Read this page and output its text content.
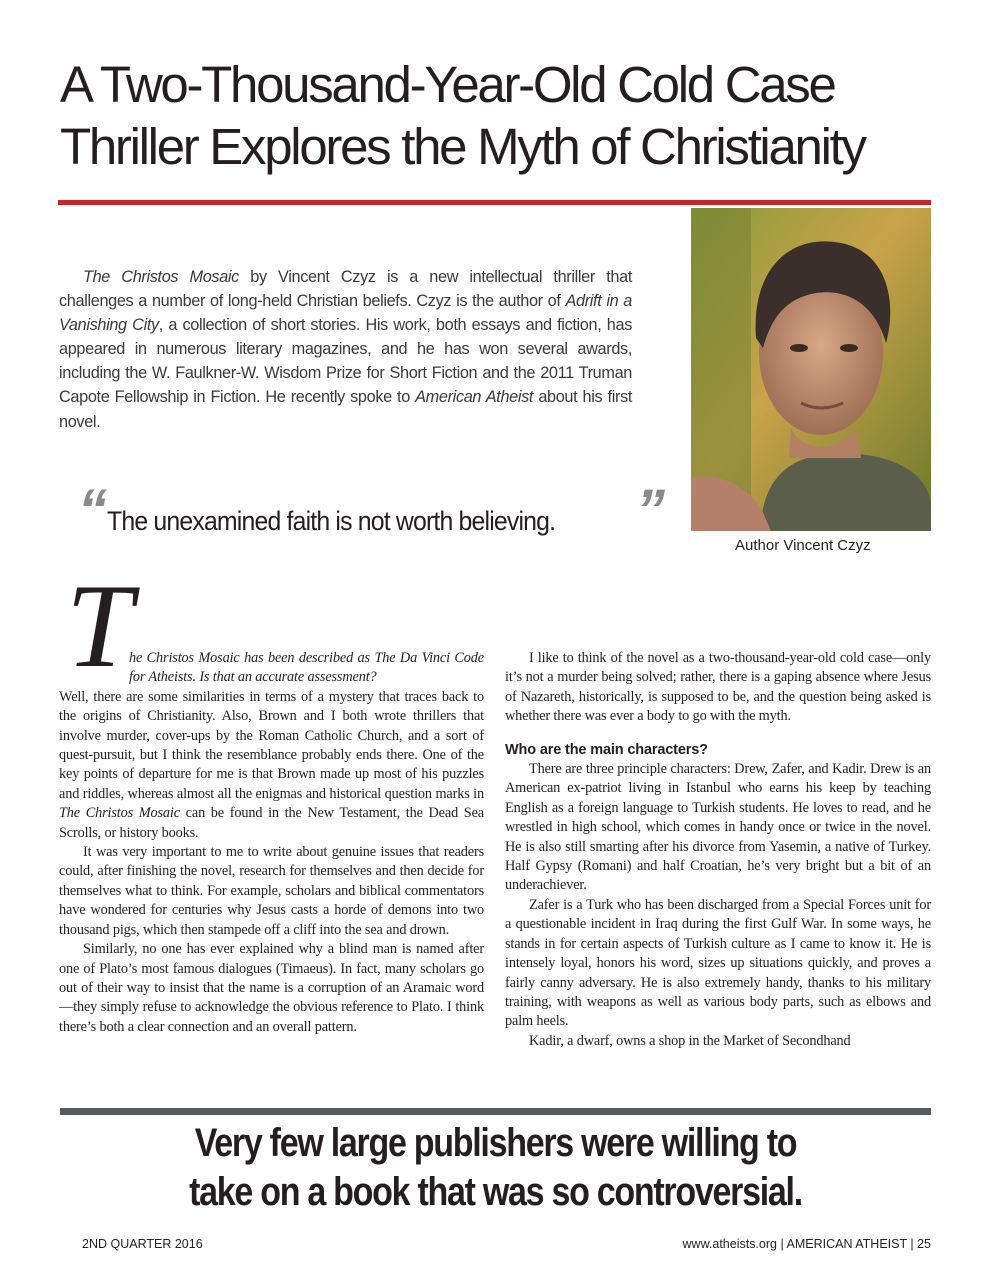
A Two-Thousand-Year-Old Cold Case
Thriller Explores the Myth of Christianity
Author Vincent Czyz

The Christos Mosaic by Vincent Czyz is a new intellectual thriller that challenges a number of long-held Christian beliefs. Czyz is the author of Adrift in a Vanishing City, a collection of short stories. His work, both essays and fiction, has appeared in numerous literary magazines, and he has won several awards, including the W. Faulkner-W. Wisdom Prize for Short Fiction and the 2011 Truman Capote Fellowship in Fiction. He recently spoke to American Atheist about his first novel.

“The unexamined faith is not worth believing. ”
T

he Christos Mosaic has been described as The Da Vinci Code for Atheists. Is that an accurate assessment?

Well, there are some similarities in terms of a mystery that traces back to the origins of Christianity. Also, Brown and I both wrote thrillers that involve murder, cover-ups by the Roman Catholic Church, and a sort of quest-pursuit, but I think the resemblance probably ends there. One of the key points of departure for me is that Brown made up most of his puzzles and riddles, whereas almost all the enigmas and historical question marks in The Christos Mosaic can be found in the New Testament, the Dead Sea Scrolls, or history books.

It was very important to me to write about genuine issues that readers could, after finishing the novel, research for themselves and then decide for themselves what to think. For example, scholars and biblical commentators have wondered for centuries why Jesus casts a horde of demons into two thousand pigs, which then stampede off a cliff into the sea and drown.

Similarly, no one has ever explained why a blind man is named after one of Plato’s most famous dialogues (Timaeus). In fact, many scholars go out of their way to insist that the name is a corruption of an Aramaic word—they simply refuse to acknowledge the obvious reference to Plato. I think there’s both a clear connection and an overall pattern.

I like to think of the novel as a two-thousand-year-old cold case—only it’s not a murder being solved; rather, there is a gaping absence where Jesus of Nazareth, historically, is supposed to be, and the question being asked is whether there was ever a body to go with the myth.

Who are the main characters?

There are three principle characters: Drew, Zafer, and Kadir. Drew is an American ex-patriot living in Istanbul who earns his keep by teaching English as a foreign language to Turkish students. He loves to read, and he wrestled in high school, which comes in handy once or twice in the novel. He is also still smarting after his divorce from Yasemin, a native of Turkey. Half Gypsy (Romani) and half Croatian, he’s very bright but a bit of an underachiever.

Zafer is a Turk who has been discharged from a Special Forces unit for a questionable incident in Iraq during the first Gulf War. In some ways, he stands in for certain aspects of Turkish culture as I came to know it. He is intensely loyal, honors his word, sizes up situations quickly, and proves a fairly canny adversary. He is also extremely handy, thanks to his military training, with weapons as well as various body parts, such as elbows and palm heels.

Kadir, a dwarf, owns a shop in the Market of Secondhand

Very few large publishers were willing to
take on a book that was so controversial.
2ND QUARTER 2016	www.atheists.org | AMERICAN ATHEIST | 25
